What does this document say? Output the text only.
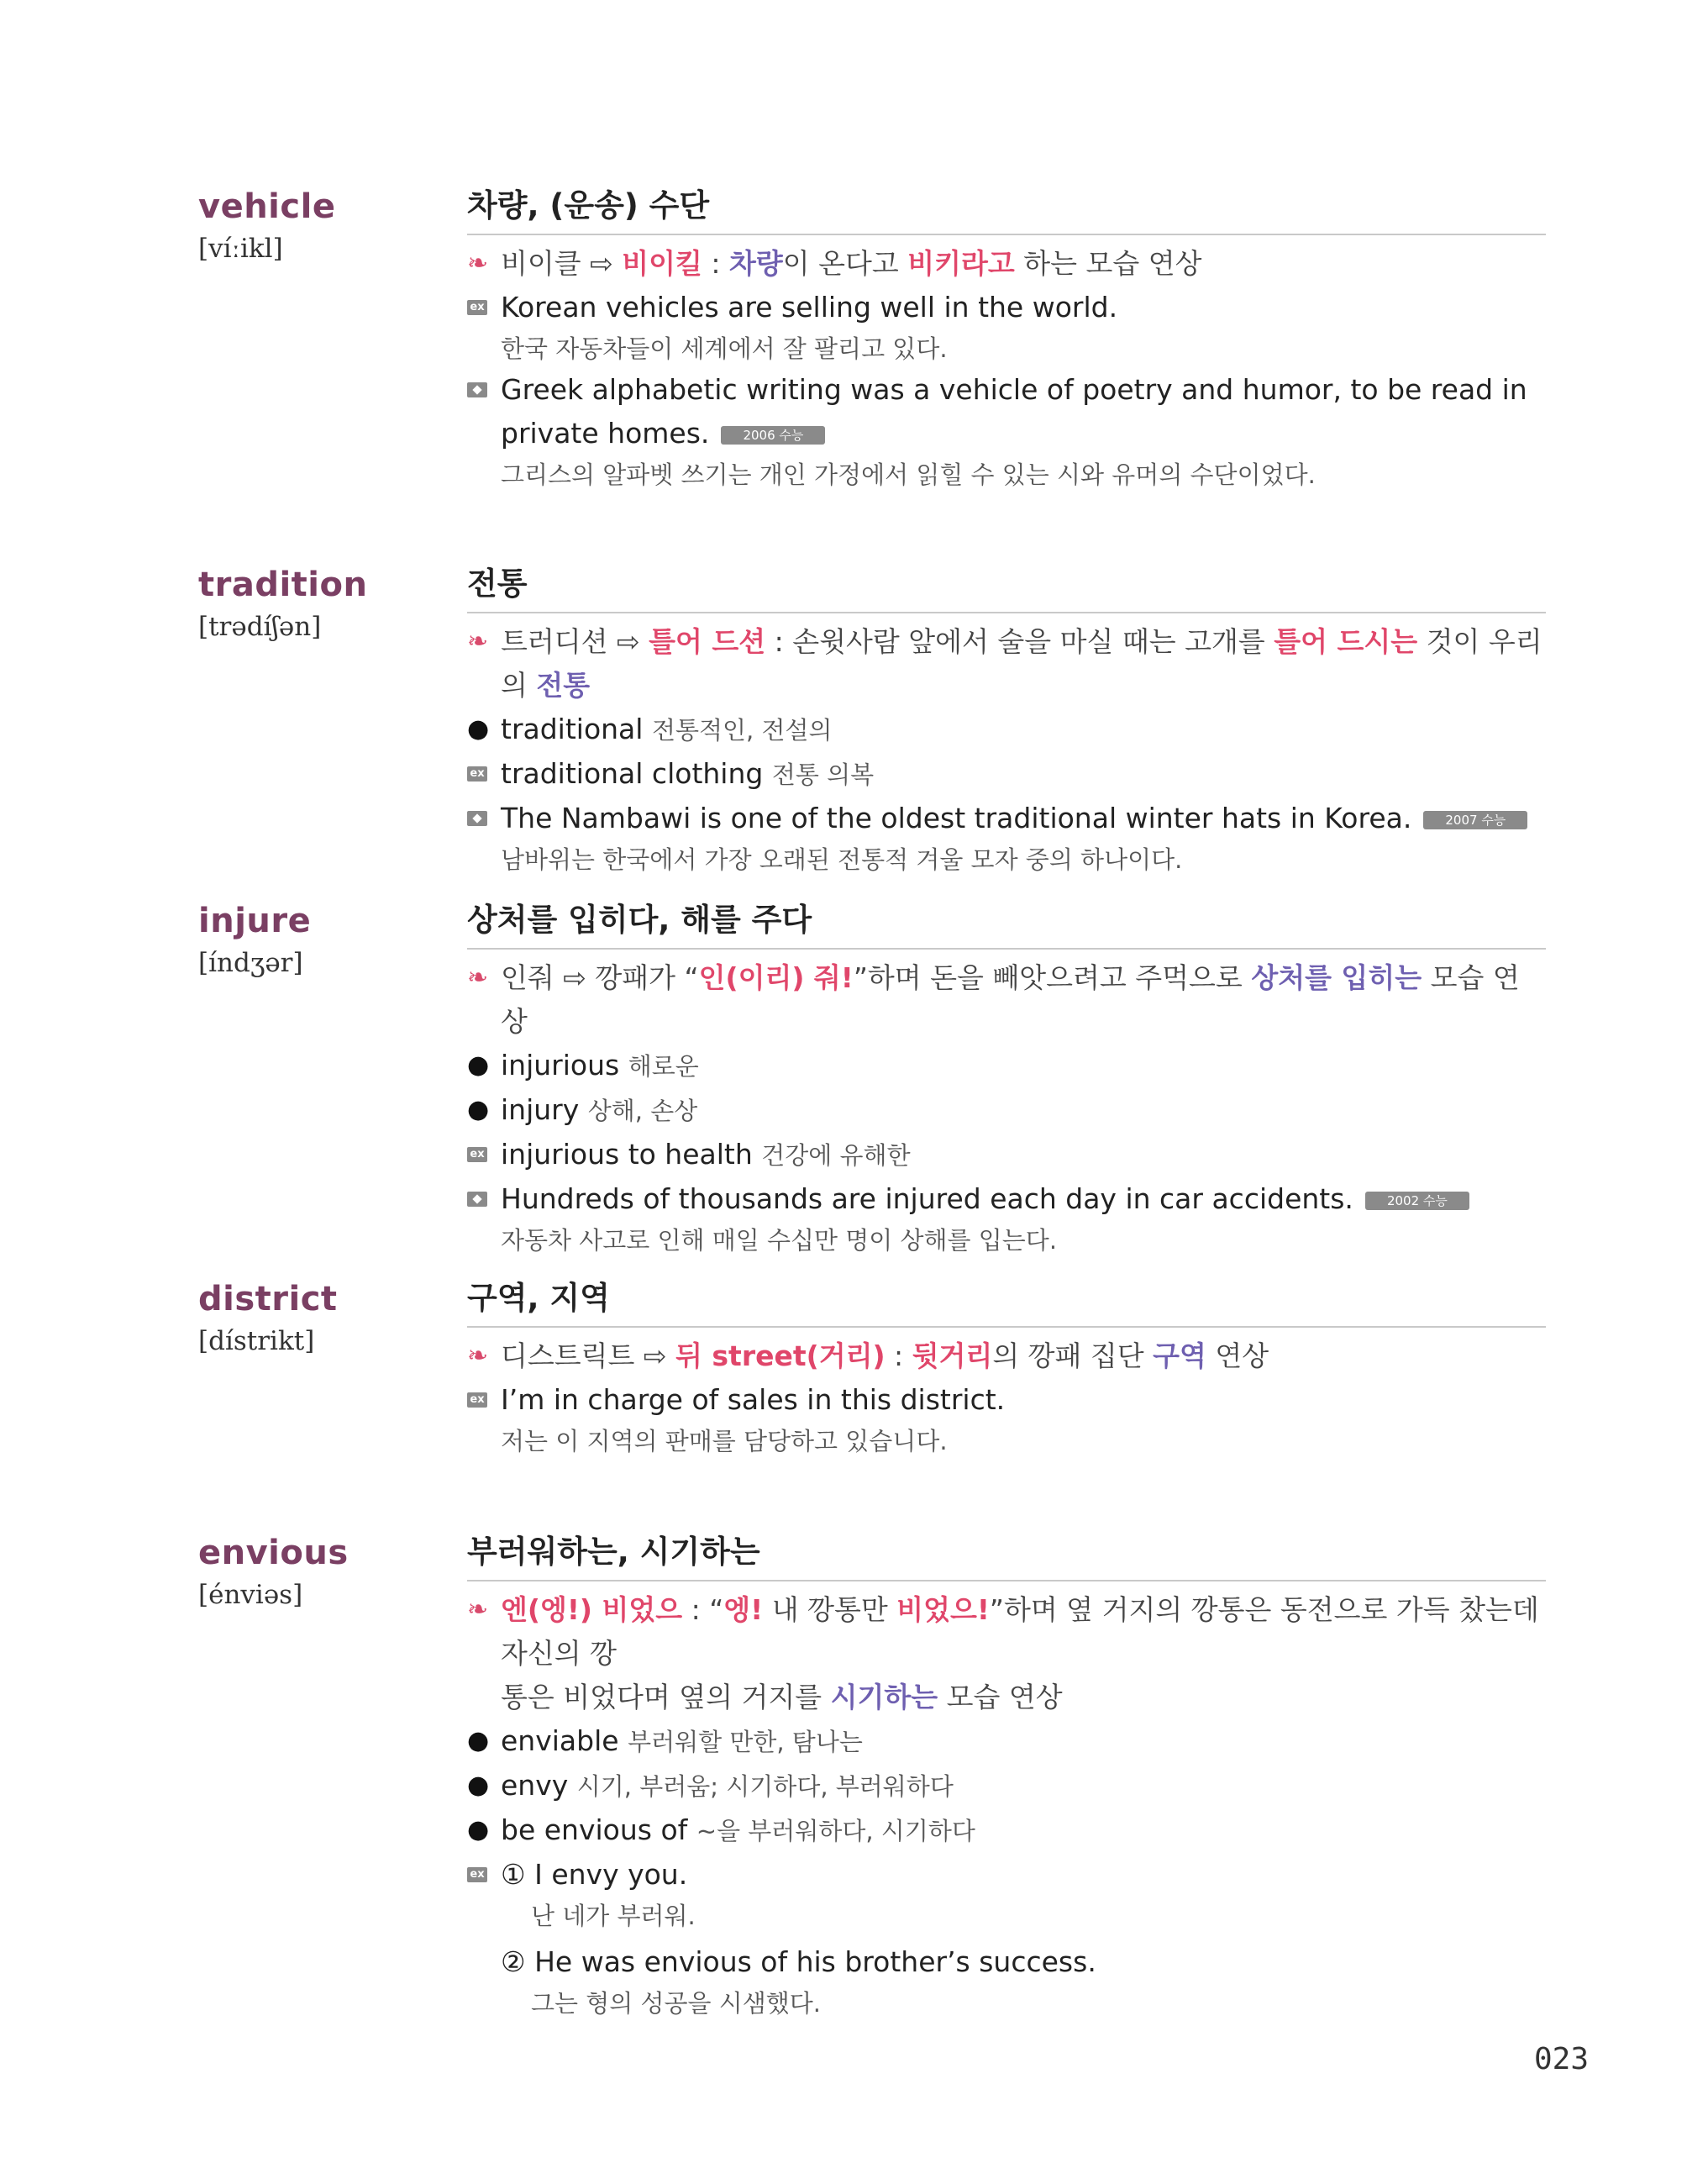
vehicle
[víːikl]
차량, (운송) 수단
❧ 비이클 ⇨ 비이킬 : 차량이 온다고 비키라고 하는 모습 연상
ex Korean vehicles are selling well in the world.
한국 자동차들이 세계에서 잘 팔리고 있다.
Greek alphabetic writing was a vehicle of poetry and humor, to be read in
private homes.	2006 수능
그리스의 알파벳 쓰기는 개인 가정에서 읽힐 수 있는 시와 유머의 수단이었다.
tradition
[trədíʃən]
전통
❧ 트러디션 ⇨ 틀어 드션 : 손윗사람 앞에서 술을 마실 때는 고개를 틀어 드시는 것이 우리의 전통
● traditional 전통적인, 전설의
ex traditional clothing 전통 의복
The Nambawi is one of the oldest traditional winter hats in Korea.	2007 수능
남바위는 한국에서 가장 오래된 전통적 겨울 모자 중의 하나이다.
injure
[índʒər]
상처를 입히다, 해를 주다
❧ 인줘 ⇨ 깡패가 “인(이리) 줘!”하며 돈을 빼앗으려고 주먹으로 상처를 입히는 모습 연상
● injurious 해로운
● injury 상해, 손상
ex injurious to health 건강에 유해한
Hundreds of thousands are injured each day in car accidents.	2002 수능
자동차 사고로 인해 매일 수십만 명이 상해를 입는다.
district
[dístrikt]
구역, 지역
❧ 디스트릭트 ⇨ 뒤 street(거리) : 뒷거리의 깡패 집단 구역 연상
ex I’m in charge of sales in this district.
저는 이 지역의 판매를 담당하고 있습니다.
envious
[énviəs]
부러워하는, 시기하는
❧ 엔(엥!) 비었으 : “엥! 내 깡통만 비었으!”하며 옆 거지의 깡통은 동전으로 가득 찼는데 자신의 깡
통은 비었다며 옆의 거지를 시기하는 모습 연상
● enviable 부러워할 만한, 탐나는
● envy 시기, 부러움; 시기하다, 부러워하다
● be envious of ~을 부러워하다, 시기하다
ex ① I envy you.
난 네가 부러워.
② He was envious of his brother’s success.
그는 형의 성공을 시샘했다.
023
